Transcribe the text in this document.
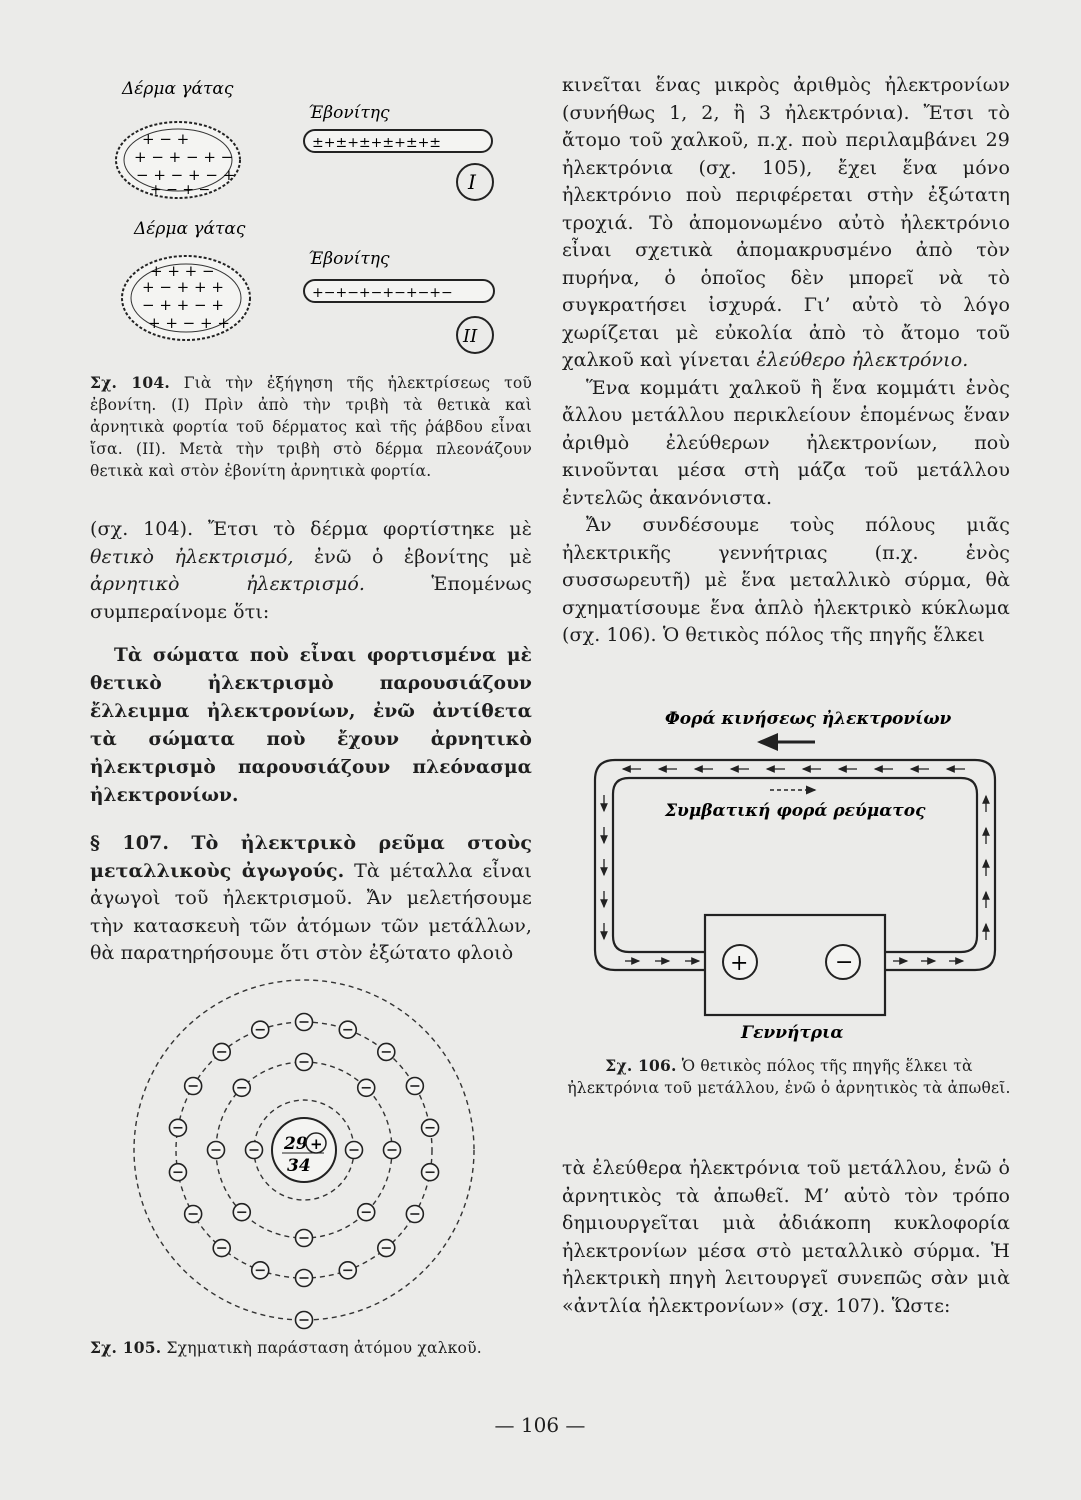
Δέρμα γάτας
Έβονίτης
+ − +
+ − + − + −
− + − + − +
+ − + −
±+±+±+±+±+±
I
Δέρμα γάτας
Έβονίτης
+ + + −
+ − + + +
− + + − +
+ + − + +
+−+−+−+−+−+−
II

Σχ. 104. Γιὰ τὴν ἐξήγηση τῆς ἠλεκτρίσεως τοῦ ἐβονίτη. (I) Πρὶν ἀπὸ τὴν τριβὴ τὰ θετικὰ καὶ ἀρνητικὰ φορτία τοῦ δέρματος καὶ τῆς ῥάβδου εἶναι ἴσα. (II). Μετὰ τὴν τριβὴ στὸ δέρμα πλεονάζουν θετικὰ καὶ στὸν ἐβονίτη ἀρνητικὰ φορτία.

(σχ. 104). Ἔτσι τὸ δέρμα φορτίστηκε μὲ θετικὸ ἠλεκτρισμό, ἐνῶ ὁ ἐβονίτης μὲ ἀρνητικὸ ἠλεκτρισμό. Ἑπομένως συμπεραίνομε ὅτι:

Τὰ σώματα ποὺ εἶναι φορτισμένα μὲ θετικὸ ἠλεκτρισμὸ παρουσιάζουν ἔλλειμμα ἠλεκτρονίων, ἐνῶ ἀντίθετα τὰ σώματα ποὺ ἔχουν ἀρνητικὸ ἠλεκτρισμὸ παρουσιάζουν πλεόνασμα ἠλεκτρονίων.

§ 107. Τὸ ἠλεκτρικὸ ρεῦμα στοὺς μεταλλικοὺς ἀγωγούς. Τὰ μέταλλα εἶναι ἀγωγοὶ τοῦ ἠλεκτρισμοῦ. Ἄν μελετήσουμε τὴν κατασκευὴ τῶν ἀτόμων τῶν μετάλλων, θὰ παρατηρήσουμε ὅτι στὸν ἐξώτατο φλοιὸ

29 +
34
Σχ. 105. Σχηματικὴ παράσταση ἀτόμου χαλκοῦ.

κινεῖται ἕνας μικρὸς ἀριθμὸς ἠλεκτρονίων (συνήθως 1, 2, ἢ 3 ἠλεκτρόνια). Ἔτσι τὸ ἄτομο τοῦ χαλκοῦ, π.χ. ποὺ περιλαμβάνει 29 ἠλεκτρόνια (σχ. 105), ἔχει ἕνα μόνο ἠλεκτρόνιο ποὺ περιφέρεται στὴν ἐξώτατη τροχιά. Τὸ ἀπομονωμένο αὐτὸ ἠλεκτρόνιο εἶναι σχετικὰ ἀπομακρυσμένο ἀπὸ τὸν πυρήνα, ὁ ὁποῖος δὲν μπορεῖ νὰ τὸ συγκρατήσει ἰσχυρά. Γι’ αὐτὸ τὸ λόγο χωρίζεται μὲ εὐκολία ἀπὸ τὸ ἄτομο τοῦ χαλκοῦ καὶ γίνεται ἐλεύθερο ἠλεκτρόνιο.

Ἕνα κομμάτι χαλκοῦ ἢ ἕνα κομμάτι ἑνὸς ἄλλου μετάλλου περικλείουν ἑπομένως ἕναν ἀριθμὸ ἐλεύθερων ἠλεκτρονίων, ποὺ κινοῦνται μέσα στὴ μάζα τοῦ μετάλλου ἐντελῶς ἀκανόνιστα.

Ἄν συνδέσουμε τοὺς πόλους μιᾶς ἠλεκτρικῆς γεννήτριας (π.χ. ἑνὸς συσσωρευτῆ) μὲ ἕνα μεταλλικὸ σύρμα, θὰ σχηματίσουμε ἕνα ἁπλὸ ἠλεκτρικὸ κύκλωμα (σχ. 106). Ὁ θετικὸς πόλος τῆς πηγῆς ἕλκει

Φορά κινήσεως ἠλεκτρονίων
Συμβατική φορά ρεύματος
+	−
Γεννήτρια
Σχ. 106. Ὁ θετικὸς πόλος τῆς πηγῆς ἕλκει τὰ ἠλεκτρόνια τοῦ μετάλλου, ἐνῶ ὁ ἀρνητικὸς τὰ ἀπωθεῖ.

τὰ ἐλεύθερα ἠλεκτρόνια τοῦ μετάλλου, ἐνῶ ὁ ἀρνητικὸς τὰ ἀπωθεῖ. Μ’ αὐτὸ τὸν τρόπο δημιουργεῖται μιὰ ἀδιάκοπη κυκλοφορία ἠλεκτρονίων μέσα στὸ μεταλλικὸ σύρμα. Ἡ ἠλεκτρικὴ πηγὴ λειτουργεῖ συνεπῶς σὰν μιὰ «ἀντλία ἠλεκτρονίων» (σχ. 107). Ὥστε:

— 106 —
